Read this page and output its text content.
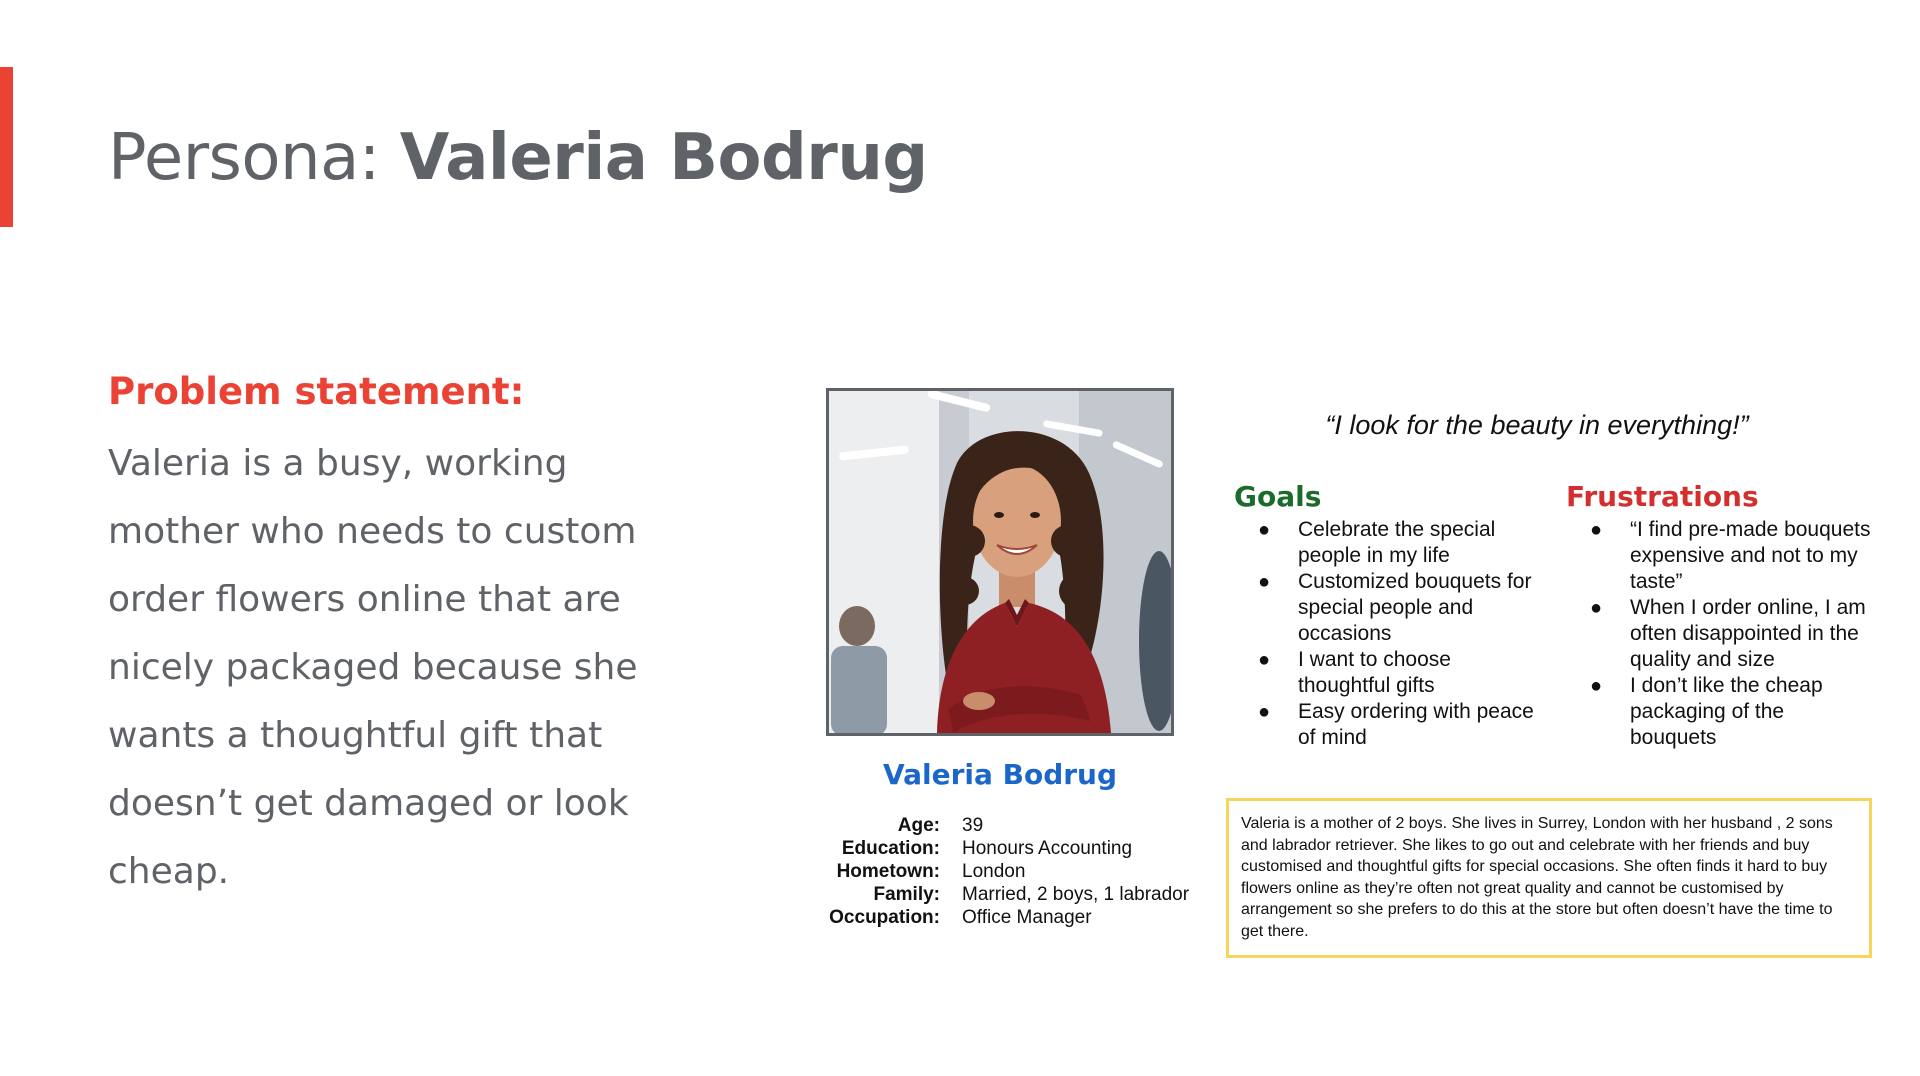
Persona: Valeria Bodrug
Problem statement:

Valeria is a busy, working mother who needs to custom order flowers online that are nicely packaged because she wants a thoughtful gift that doesn’t get damaged or look cheap.

Valeria Bodrug
Age:	39
Education:	Honours Accounting
Hometown:	London
Family:	Married, 2 boys, 1 labrador
Occupation:	Office Manager

“I look for the beauty in everything!”

Goals
● Celebrate the special people in my life
● Customized bouquets for special people and occasions
● I want to choose thoughtful gifts
● Easy ordering with peace of mind
Frustrations
● “I find pre-made bouquets expensive and not to my taste”
● When I order online, I am often disappointed in the quality and size
● I don’t like the cheap packaging of the bouquets
Valeria is a mother of 2 boys. She lives in Surrey, London with her husband , 2 sons and labrador retriever. She likes to go out and celebrate with her friends and buy customised and thoughtful gifts for special occasions. She often finds it hard to buy flowers online as they’re often not great quality and cannot be customised by arrangement so she prefers to do this at the store but often doesn’t have the time to get there.
